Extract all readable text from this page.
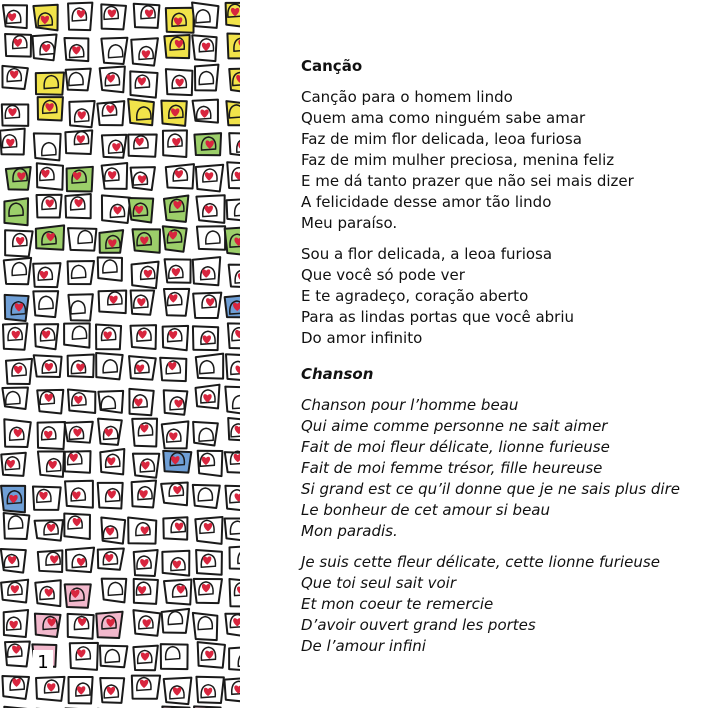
1
Canção
Canção para o homem lindo
Quem ama como ninguém sabe amar
Faz de mim flor delicada, leoa furiosa
Faz de mim mulher preciosa, menina feliz
E me dá tanto prazer que não sei mais dizer
A felicidade desse amor tão lindo
Meu paraíso.
Sou a flor delicada, a leoa furiosa
Que você só pode ver
E te agradeço, coração aberto
Para as lindas portas que você abriu
Do amor infinito
Chanson
Chanson pour l’homme beau
Qui aime comme personne ne sait aimer
Fait de moi fleur délicate, lionne furieuse
Fait de moi femme trésor, fille heureuse
Si grand est ce qu’il donne que je ne sais plus dire
Le bonheur de cet amour si beau
Mon paradis.
Je suis cette fleur délicate, cette lionne furieuse
Que toi seul sait voir
Et mon coeur te remercie
D’avoir ouvert grand les portes
De l’amour infini
